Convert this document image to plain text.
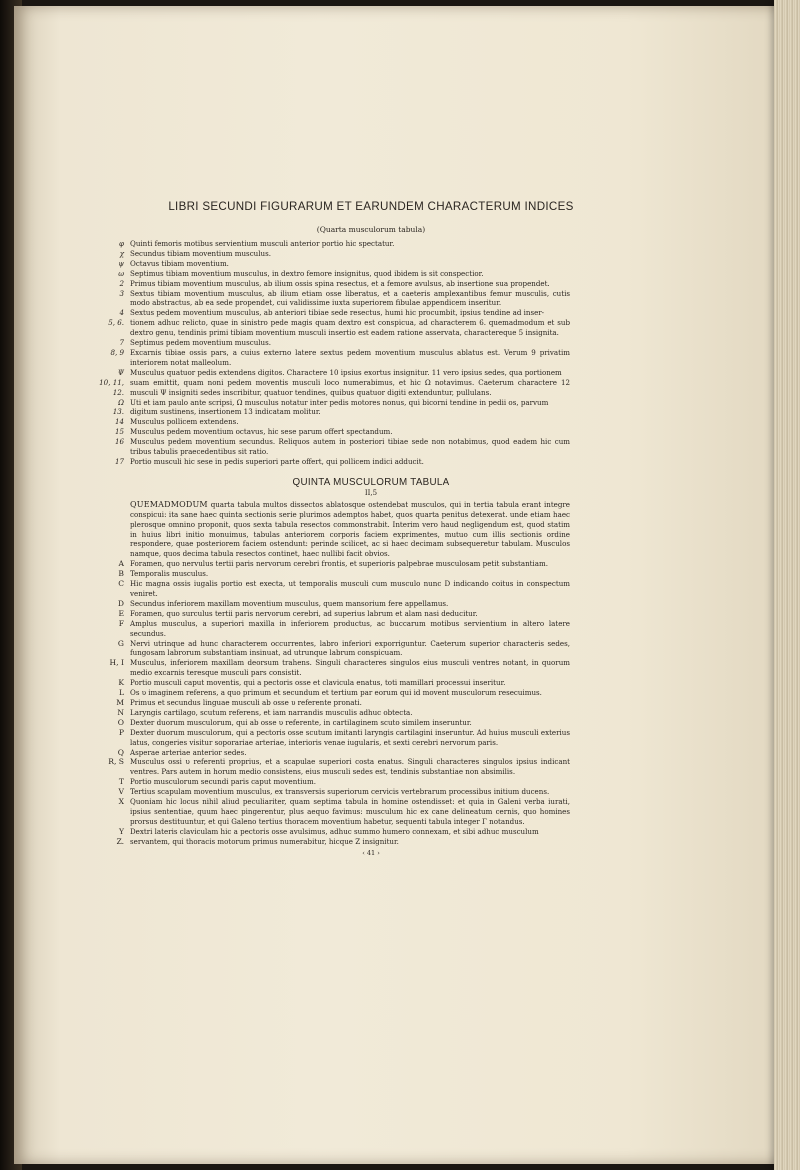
LIBRI SECUNDI FIGURARUM ET EARUNDEM CHARACTERUM INDICES
(Quarta musculorum tabula)
φ Quinti femoris motibus servientium musculi anterior portio hic spectatur.
χ Secundus tibiam moventium musculus.
ψ Octavus tibiam moventium.
ω Septimus tibiam moventium musculus, in dextro femore insignitus, quod ibidem is sit conspectior.
2 Primus tibiam moventium musculus, ab ilium ossis spina resectus, et a femore avulsus, ab insertione sua propendet.
3 Sextus tibiam moventium musculus, ab ilium etiam osse liberatus, et a caeteris amplexantibus femur musculis, cutis modo abstractus, ab ea sede propendet, cui validissime iuxta superiorem fibulae appendicem inseritur.
4 Sextus pedem moventium musculus, ab anteriori tibiae sede resectus, humi hic procumbit, ipsius tendine ad inser-
5, 6. tionem adhuc relicto, quae in sinistro pede magis quam dextro est conspicua, ad characterem 6. quemadmodum et sub dextro genu, tendinis primi tibiam moventium musculi insertio est eadem ratione asservata, charactereque 5 insignita.
7 Septimus pedem moventium musculus.
8, 9 Excarnis tibiae ossis pars, a cuius externo latere sextus pedem moventium musculus ablatus est. Verum 9 privatim interiorem notat malleolum.
Ψ Musculus quatuor pedis extendens digitos. Charactere 10 ipsius exortus insignitur. 11 vero ipsius sedes, qua portionem
10, 11, 12.
suam emittit, quam noni pedem moventis musculi loco numerabimus, et hic Ω notavimus. Caeterum charactere 12 musculi Ψ insigniti sedes inscribitur, quatuor tendines, quibus quatuor digiti extenduntur, pullulans.
Ω Uti et iam paulo ante scripsi, Ω musculus notatur inter pedis motores nonus, qui bicorni tendine in pedii os, parvum
13. digitum sustinens, insertionem 13 indicatam molitur.
14 Musculus pollicem extendens.
15 Musculus pedem moventium octavus, hic sese parum offert spectandum.
16 Musculus pedem moventium secundus. Reliquos autem in posteriori tibiae sede non notabimus, quod eadem hic cum tribus tabulis praecedentibus sit ratio.
17 Portio musculi hic sese in pedis superiori parte offert, qui pollicem indici adducit.
QUINTA MUSCULORUM TABULA
II,5
QUEMADMODUM quarta tabula multos dissectos ablatosque ostendebat musculos, qui in tertia tabula erant integre conspicui: ita sane haec quinta sectionis serie plurimos ademptos habet, quos quarta penitus detexerat. unde etiam haec plerosque omnino proponit, quos sexta tabula resectos commonstrabit. Interim vero haud negligendum est, quod statim in huius libri initio monuimus, tabulas anteriorem corporis faciem exprimentes, mutuo cum illis sectionis ordine respondere, quae posteriorem faciem ostendunt: perinde scilicet, ac si haec decimam subsequeretur tabulam. Musculos namque, quos decima tabula resectos continet, haec nullibi facit obvios.
A Foramen, quo nervulus tertii paris nervorum cerebri frontis, et superioris palpebrae musculosam petit substantiam.
B Temporalis musculus.
C Hic magna ossis iugalis portio est execta, ut temporalis musculi cum musculo nunc D indicando coitus in conspectum veniret.
D Secundus inferiorem maxillam moventium musculus, quem mansorium fere appellamus.
E Foramen, quo surculus tertii paris nervorum cerebri, ad superius labrum et alam nasi deducitur.
F Amplus musculus, a superiori maxilla in inferiorem productus, ac buccarum motibus servientium in altero latere secundus.
G Nervi utrinque ad hunc characterem occurrentes, labro inferiori exporriguntur. Caeterum superior characteris sedes, fungosam labrorum substantiam insinuat, ad utrunque labrum conspicuam.
H, I Musculus, inferiorem maxillam deorsum trahens. Singuli characteres singulos eius musculi ventres notant, in quorum medio excarnis teresque musculi pars consistit.
K Portio musculi caput moventis, qui a pectoris osse et clavicula enatus, toti mamillari processui inseritur.
L Os υ imaginem referens, a quo primum et secundum et tertium par eorum qui id movent musculorum resecuimus.
M Primus et secundus linguae musculi ab osse υ referente pronati.
N Laryngis cartilago, scutum referens, et iam narrandis musculis adhuc obtecta.
O Dexter duorum musculorum, qui ab osse υ referente, in cartilaginem scuto similem inseruntur.
P Dexter duorum musculorum, qui a pectoris osse scutum imitanti laryngis cartilagini inseruntur. Ad huius musculi exterius latus, congeries visitur soporariae arteriae, interioris venae iugularis, et sexti cerebri nervorum paris.
Q Asperae arteriae anterior sedes.
R, S Musculus ossi υ referenti proprius, et a scapulae superiori costa enatus. Singuli characteres singulos ipsius indicant ventres. Pars autem in horum medio consistens, eius musculi sedes est, tendinis substantiae non absimilis.
T Portio musculorum secundi paris caput moventium.
V Tertius scapulam moventium musculus, ex transversis superiorum cervicis vertebrarum processibus initium ducens.
X Quoniam hic locus nihil aliud peculiariter, quam septima tabula in homine ostendisset: et quia in Galeni verba iurati, ipsius sententiae, quum haec pingerentur, plus aequo favimus: musculum hic ex cane delineatum cernis, quo homines prorsus destituuntur, et qui Galeno tertius thoracem moventium habetur, sequenti tabula integer Γ notandus.
Y Dextri lateris claviculam hic a pectoris osse avulsimus, adhuc summo humero connexam, et sibi adhuc musculum
Z. servantem, qui thoracis motorum primus numerabitur, hicque Z insignitur.
‹ 41 ›
